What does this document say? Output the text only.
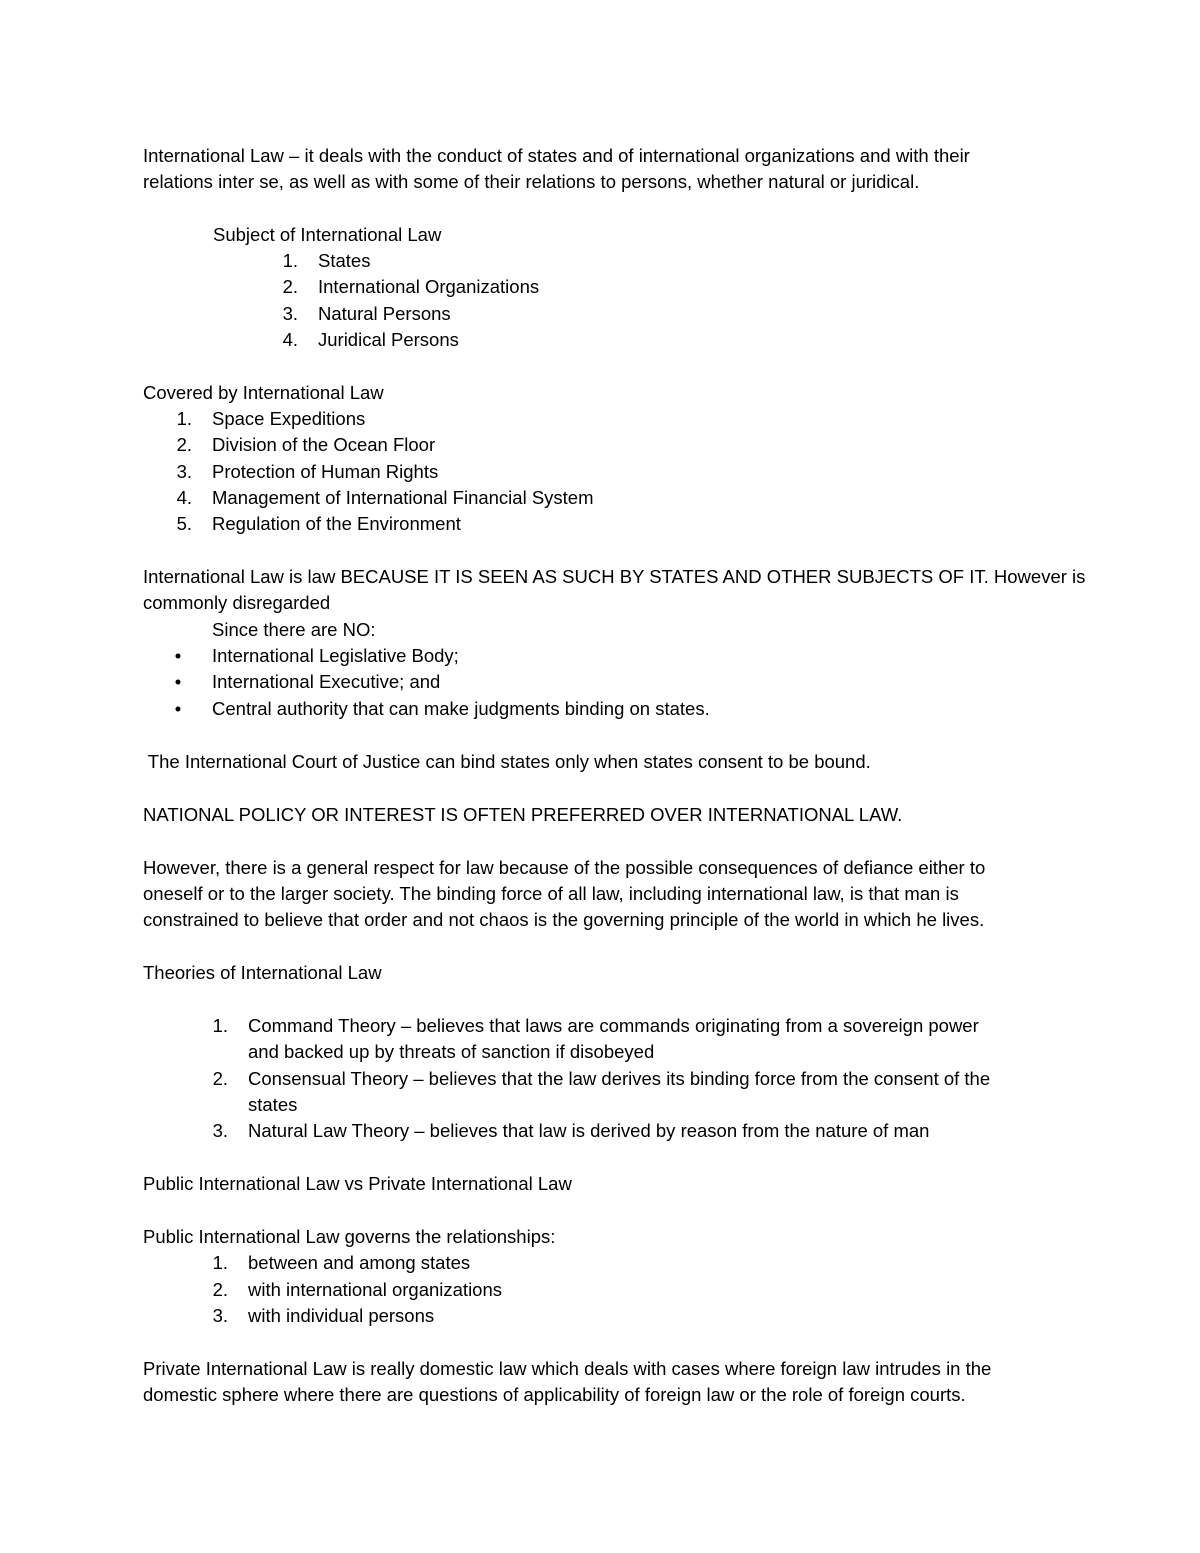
International Law – it deals with the conduct of states and of international organizations and with their
relations inter se, as well as with some of their relations to persons, whether natural or juridical.
Subject of International Law
1. States
2. International Organizations
3. Natural Persons
4. Juridical Persons
Covered by International Law
1. Space Expeditions
2. Division of the Ocean Floor
3. Protection of Human Rights
4. Management of International Financial System
5. Regulation of the Environment
International Law is law BECAUSE IT IS SEEN AS SUCH BY STATES AND OTHER SUBJECTS OF IT. However is
commonly disregarded
Since there are NO:
•	International Legislative Body;
•	International Executive; and
•	Central authority that can make judgments binding on states.
The International Court of Justice can bind states only when states consent to be bound.
NATIONAL POLICY OR INTEREST IS OFTEN PREFERRED OVER INTERNATIONAL LAW.
However, there is a general respect for law because of the possible consequences of defiance either to
oneself or to the larger society. The binding force of all law, including international law, is that man is
constrained to believe that order and not chaos is the governing principle of the world in which he lives.
Theories of International Law
1. Command Theory – believes that laws are commands originating from a sovereign power
and backed up by threats of sanction if disobeyed
2. Consensual Theory – believes that the law derives its binding force from the consent of the
states
3. Natural Law Theory – believes that law is derived by reason from the nature of man
Public International Law vs Private International Law
Public International Law governs the relationships:
1. between and among states
2. with international organizations
3. with individual persons
Private International Law is really domestic law which deals with cases where foreign law intrudes in the
domestic sphere where there are questions of applicability of foreign law or the role of foreign courts.
